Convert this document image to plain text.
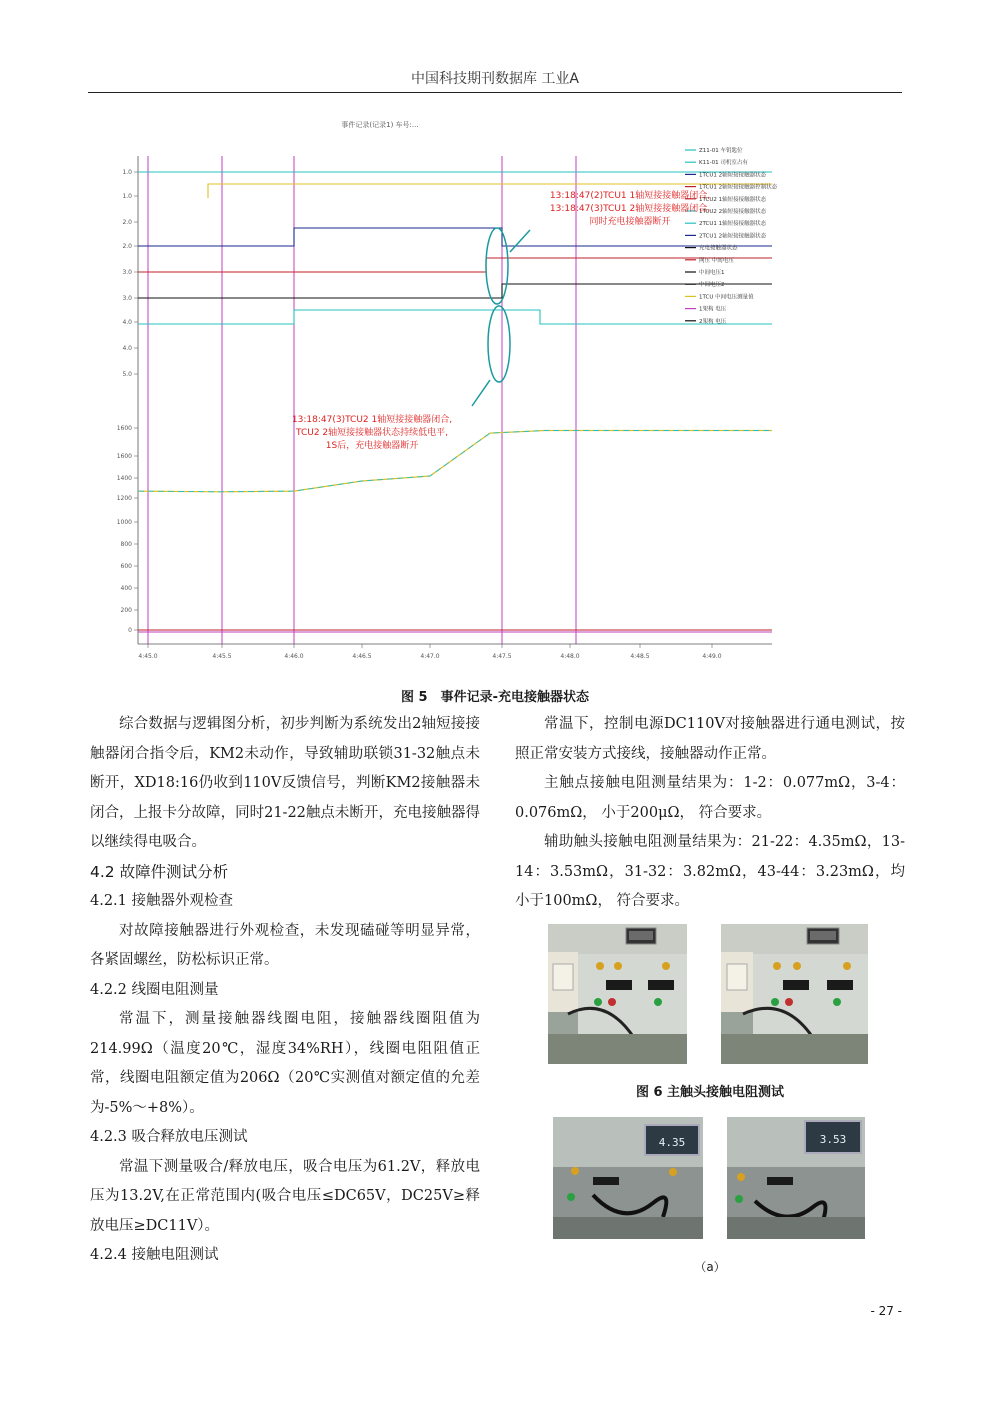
中国科技期刊数据库 工业A
事件记录(记录1) 车号:...
1.0
1.0
2.0
2.0
3.0
3.0
4.0
4.0
5.0
1600
1600
1400
1200
1000
800
600
400
200
0
4:45.0	4:45.5	4:46.0	4:46.5	4:47.0	4:47.5	4:48.0	4:48.5	4:49.0
Z11-01 车钥匙位
K11-01 司机室占有
1TCU1 2轴短接接触器状态
1TCU1 2轴短接接触器控制状态
1TCU2 1轴短接接触器状态
1TCU2 2轴短接接触器状态
2TCU1 1轴短接接触器状态
2TCU1 2轴短接接触器状态
充电接触器状态
网压 中间电压
中间电压1
中间电压2
1TCU 中间电压测量值
1架构 电压
2架构 电压
13:18:47(2)TCU1 1轴短接接触器闭合,
13:18:47(3)TCU1 2轴短接接触器闭合,
同时充电接触器断开
13:18:47(3)TCU2 1轴短接接触器闭合,
TCU2 2轴短接接触器状态持续低电平,
1S后，充电接触器断开
图 5　事件记录-充电接触器状态

综合数据与逻辑图分析，初步判断为系统发出2轴短接接触器闭合指令后，KM2未动作，导致辅助联锁31-32触点未断开，XD18:16仍收到110V反馈信号，判断KM2接触器未闭合，上报卡分故障，同时21-22触点未断开，充电接触器得以继续得电吸合。

4.2 故障件测试分析

4.2.1 接触器外观检查

对故障接触器进行外观检查，未发现磕碰等明显异常，各紧固螺丝，防松标识正常。

4.2.2 线圈电阻测量

常温下，测量接触器线圈电阻，接触器线圈阻值为214.99Ω（温度20℃，湿度34%RH），线圈电阻阻值正常，线圈电阻额定值为206Ω（20℃实测值对额定值的允差为-5%～+8%）。

4.2.3 吸合释放电压测试

常温下测量吸合/释放电压，吸合电压为61.2V，释放电压为13.2V,在正常范围内(吸合电压≤DC65V，DC25V≥释放电压≥DC11V）。

4.2.4 接触电阻测试

常温下，控制电源DC110V对接触器进行通电测试，按照正常安装方式接线，接触器动作正常。

主触点接触电阻测量结果为：1-2：0.077mΩ，3-4：0.076mΩ， 小于200μΩ， 符合要求。

辅助触头接触电阻测量结果为：21-22：4.35mΩ，13-14：3.53mΩ，31-32：3.82mΩ，43-44：3.23mΩ，均小于100mΩ， 符合要求。

图 6 主触头接触电阻测试
4.35	3.53
（a）
- 27 -
